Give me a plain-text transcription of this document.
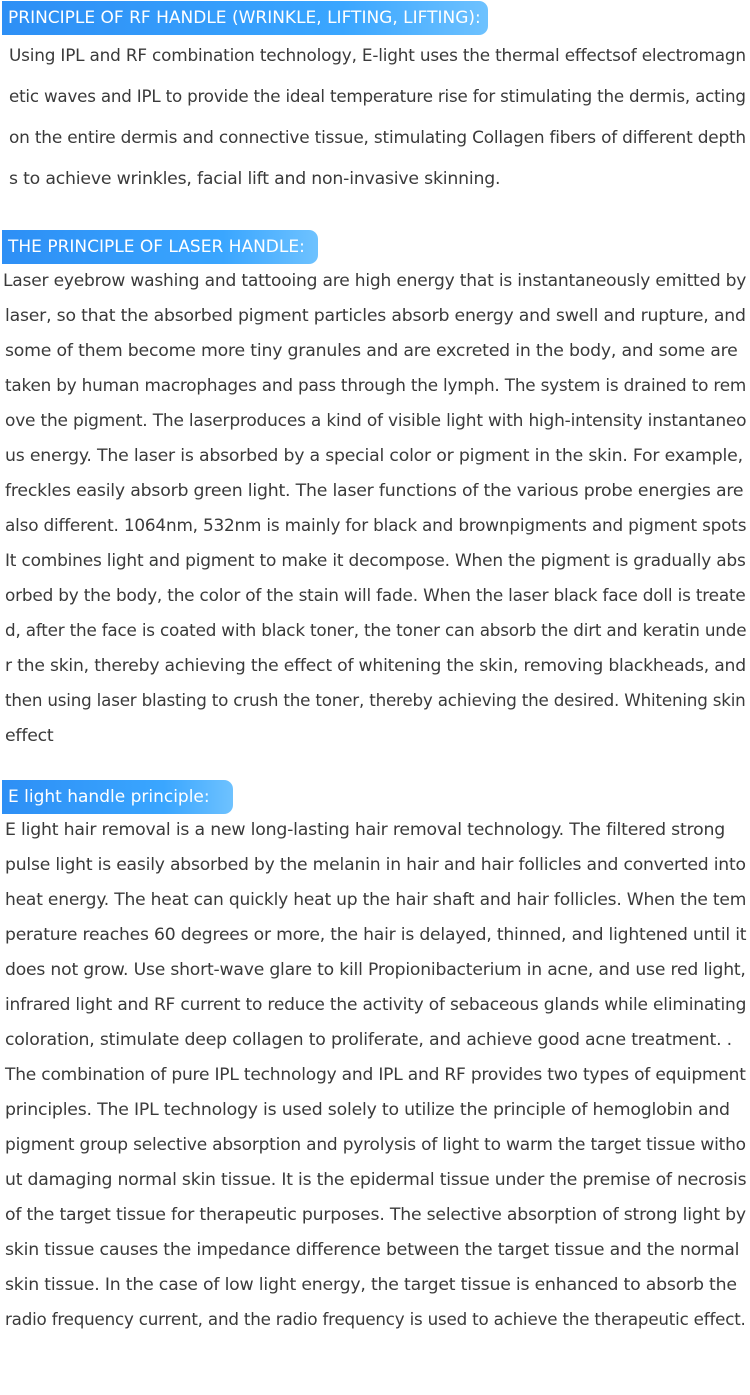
PRINCIPLE OF RF HANDLE (WRINKLE, LIFTING, LIFTING):
Using IPL and RF combination technology, E-light uses the thermal effectsof electromagn
etic waves and IPL to provide the ideal temperature rise for stimulating the dermis, acting
on the entire dermis and connective tissue, stimulating Collagen fibers of different depth
s to achieve wrinkles, facial lift and non-invasive skinning.
THE PRINCIPLE OF LASER HANDLE:
Laser eyebrow washing and tattooing are high energy that is instantaneously emitted by
laser, so that the absorbed pigment particles absorb energy and swell and rupture, and
some of them become more tiny granules and are excreted in the body, and some are
taken by human macrophages and pass through the lymph. The system is drained to rem
ove the pigment. The laserproduces a kind of visible light with high-intensity instantaneo
us energy. The laser is absorbed by a special color or pigment in the skin. For example,
freckles easily absorb green light. The laser functions of the various probe energies are
also different. 1064nm, 532nm is mainly for black and brownpigments and pigment spots
It combines light and pigment to make it decompose. When the pigment is gradually abs
orbed by the body, the color of the stain will fade. When the laser black face doll is treate
d, after the face is coated with black toner, the toner can absorb the dirt and keratin unde
r the skin, thereby achieving the effect of whitening the skin, removing blackheads, and
then using laser blasting to crush the toner, thereby achieving the desired. Whitening skin
effect
E light handle principle:
E light hair removal is a new long-lasting hair removal technology. The filtered strong
pulse light is easily absorbed by the melanin in hair and hair follicles and converted into
heat energy. The heat can quickly heat up the hair shaft and hair follicles. When the tem
perature reaches 60 degrees or more, the hair is delayed, thinned, and lightened until it
does not grow. Use short-wave glare to kill Propionibacterium in acne, and use red light,
infrared light and RF current to reduce the activity of sebaceous glands while eliminating
coloration, stimulate deep collagen to proliferate, and achieve good acne treatment. .
The combination of pure IPL technology and IPL and RF provides two types of equipment
principles. The IPL technology is used solely to utilize the principle of hemoglobin and
pigment group selective absorption and pyrolysis of light to warm the target tissue witho
ut damaging normal skin tissue. It is the epidermal tissue under the premise of necrosis
of the target tissue for therapeutic purposes. The selective absorption of strong light by
skin tissue causes the impedance difference between the target tissue and the normal
skin tissue. In the case of low light energy, the target tissue is enhanced to absorb the
radio frequency current, and the radio frequency is used to achieve the therapeutic effect.
